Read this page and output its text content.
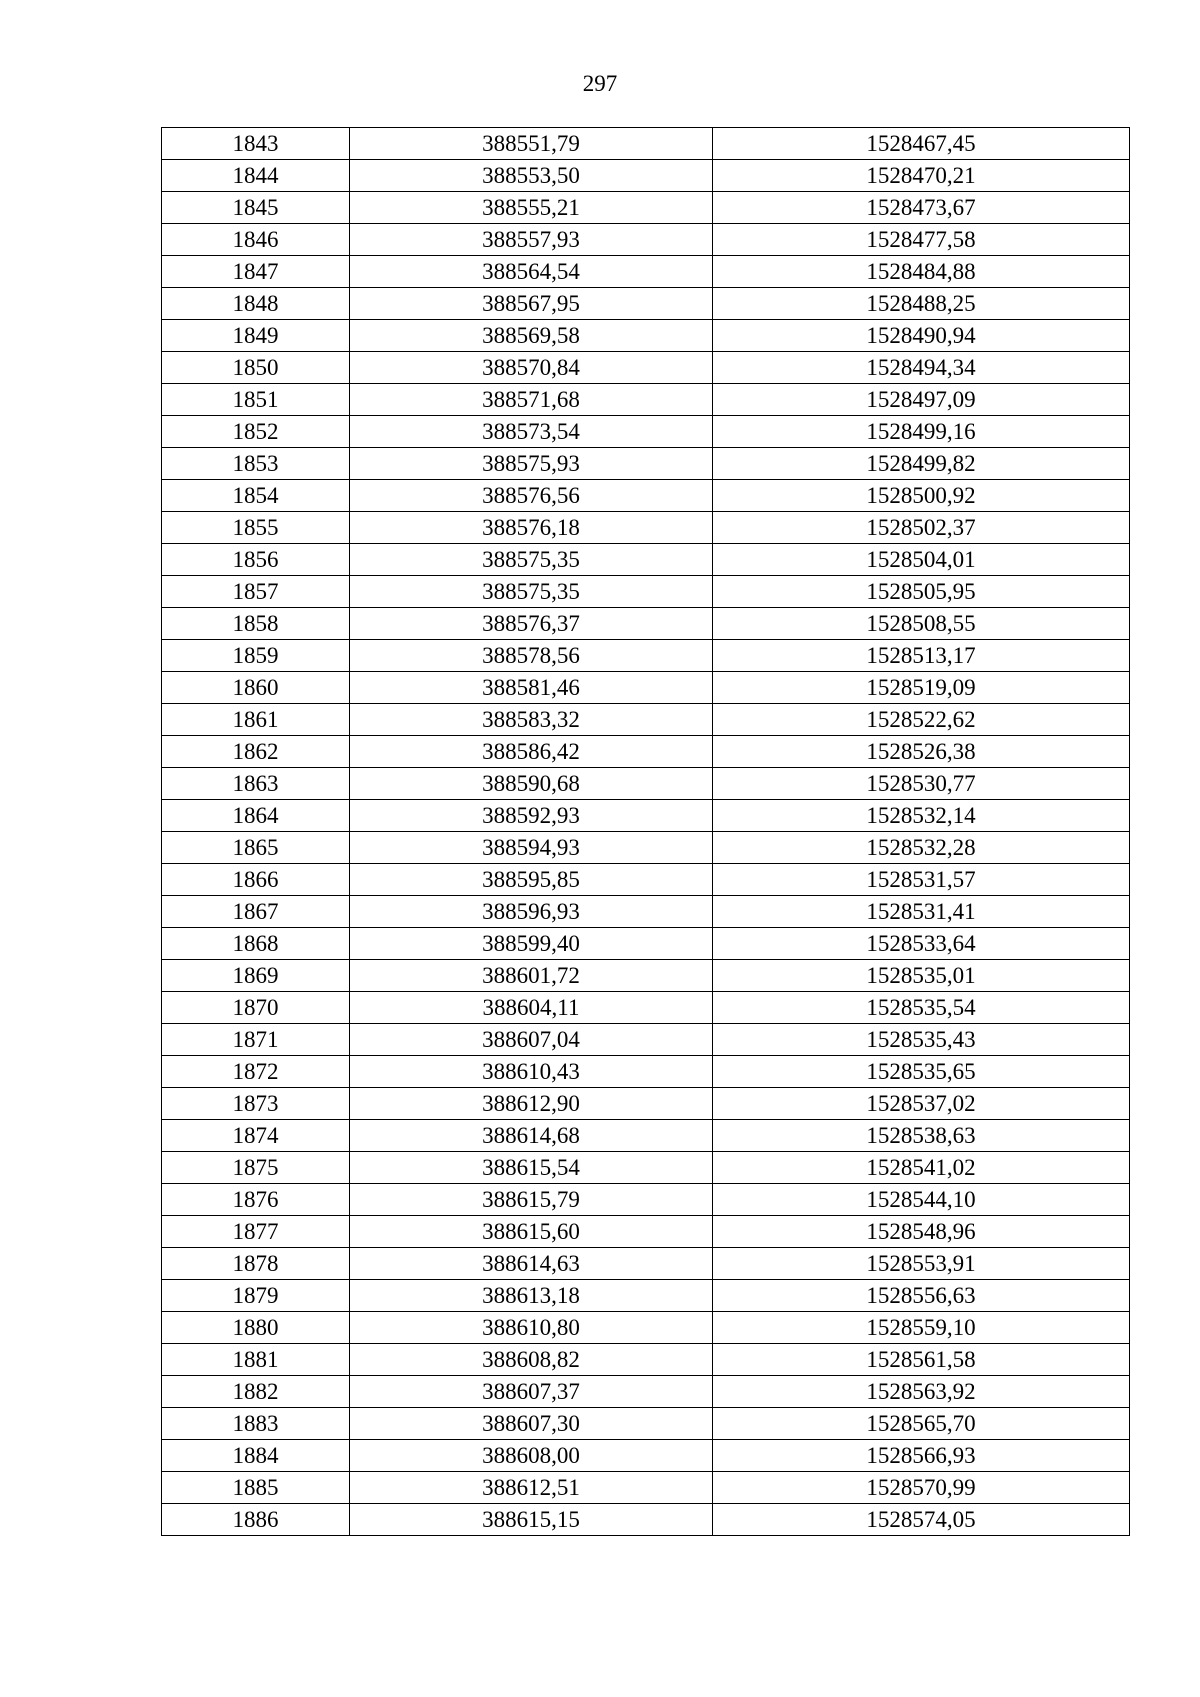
297
1843	388551,79	1528467,45
1844	388553,50	1528470,21
1845	388555,21	1528473,67
1846	388557,93	1528477,58
1847	388564,54	1528484,88
1848	388567,95	1528488,25
1849	388569,58	1528490,94
1850	388570,84	1528494,34
1851	388571,68	1528497,09
1852	388573,54	1528499,16
1853	388575,93	1528499,82
1854	388576,56	1528500,92
1855	388576,18	1528502,37
1856	388575,35	1528504,01
1857	388575,35	1528505,95
1858	388576,37	1528508,55
1859	388578,56	1528513,17
1860	388581,46	1528519,09
1861	388583,32	1528522,62
1862	388586,42	1528526,38
1863	388590,68	1528530,77
1864	388592,93	1528532,14
1865	388594,93	1528532,28
1866	388595,85	1528531,57
1867	388596,93	1528531,41
1868	388599,40	1528533,64
1869	388601,72	1528535,01
1870	388604,11	1528535,54
1871	388607,04	1528535,43
1872	388610,43	1528535,65
1873	388612,90	1528537,02
1874	388614,68	1528538,63
1875	388615,54	1528541,02
1876	388615,79	1528544,10
1877	388615,60	1528548,96
1878	388614,63	1528553,91
1879	388613,18	1528556,63
1880	388610,80	1528559,10
1881	388608,82	1528561,58
1882	388607,37	1528563,92
1883	388607,30	1528565,70
1884	388608,00	1528566,93
1885	388612,51	1528570,99
1886	388615,15	1528574,05
